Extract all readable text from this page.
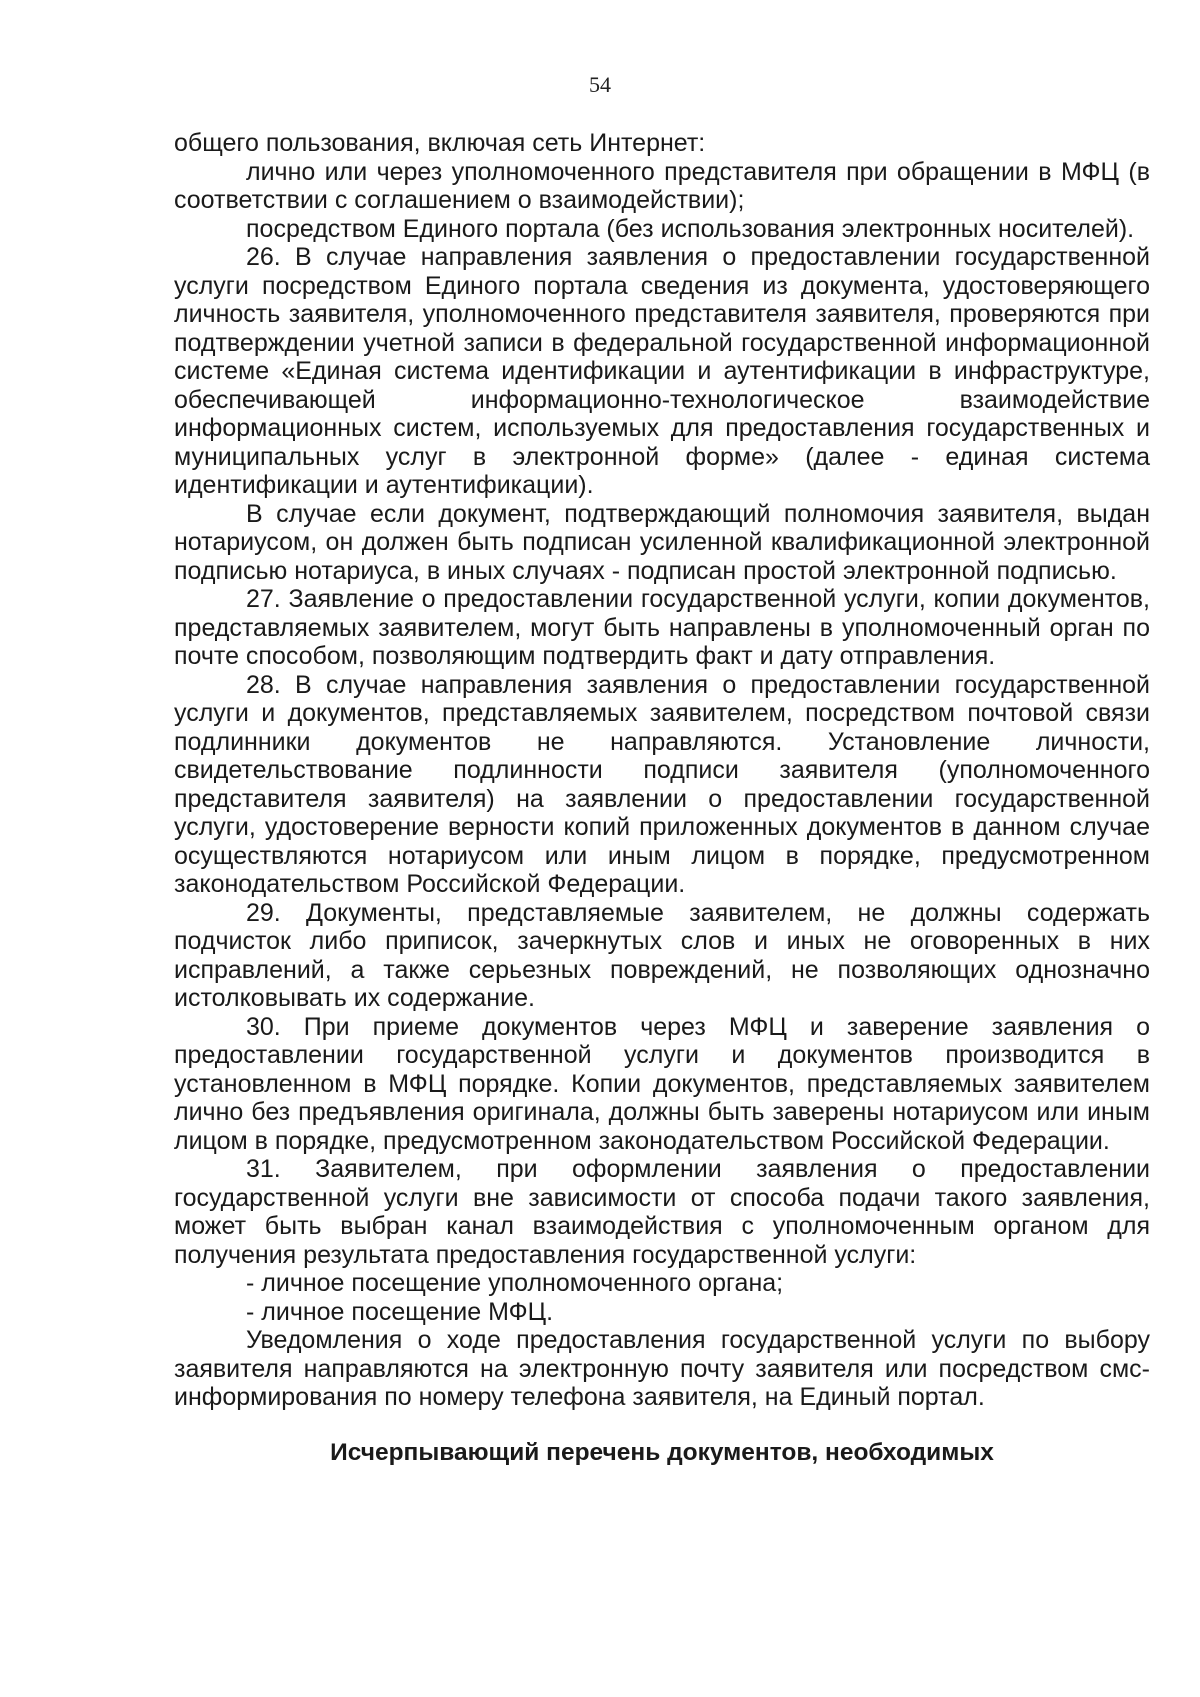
54

общего пользования, включая сеть Интернет:

лично или через уполномоченного представителя при обращении в МФЦ (в соответствии с соглашением о взаимодействии);

посредством Единого портала (без использования электронных носителей).

26. В случае направления заявления о предоставлении государственной услуги посредством Единого портала сведения из документа, удостоверяющего личность заявителя, уполномоченного представителя заявителя, проверяются при подтверждении учетной записи в федеральной государственной информационной системе «Единая система идентификации и аутентификации в инфраструктуре, обеспечивающей информационно-технологическое взаимодействие информационных систем, используемых для предоставления государственных и муниципальных услуг в электронной форме» (далее - единая система идентификации и аутентификации).

В случае если документ, подтверждающий полномочия заявителя, выдан нотариусом, он должен быть подписан усиленной квалификационной электронной подписью нотариуса, в иных случаях - подписан простой электронной подписью.

27. Заявление о предоставлении государственной услуги, копии документов, представляемых заявителем, могут быть направлены в уполномоченный орган по почте способом, позволяющим подтвердить факт и дату отправления.

28. В случае направления заявления о предоставлении государственной услуги и документов, представляемых заявителем, посредством почтовой связи подлинники документов не направляются. Установление личности, свидетельствование подлинности подписи заявителя (уполномоченного представителя заявителя) на заявлении о предоставлении государственной услуги, удостоверение верности копий приложенных документов в данном случае осуществляются нотариусом или иным лицом в порядке, предусмотренном законодательством Российской Федерации.

29. Документы, представляемые заявителем, не должны содержать подчисток либо приписок, зачеркнутых слов и иных не оговоренных в них исправлений, а также серьезных повреждений, не позволяющих однозначно истолковывать их содержание.

30. При приеме документов через МФЦ и заверение заявления о предоставлении государственной услуги и документов производится в установленном в МФЦ порядке. Копии документов, представляемых заявителем лично без предъявления оригинала, должны быть заверены нотариусом или иным лицом в порядке, предусмотренном законодательством Российской Федерации.

31. Заявителем, при оформлении заявления о предоставлении государственной услуги вне зависимости от способа подачи такого заявления, может быть выбран канал взаимодействия с уполномоченным органом для получения результата предоставления государственной услуги:

- личное посещение уполномоченного органа;

- личное посещение МФЦ.

Уведомления о ходе предоставления государственной услуги по выбору заявителя направляются на электронную почту заявителя или посредством смс-информирования по номеру телефона заявителя, на Единый портал.

Исчерпывающий перечень документов, необходимых
